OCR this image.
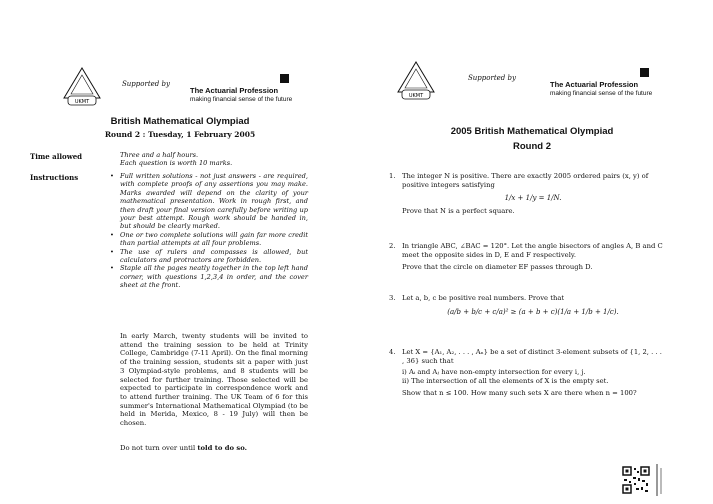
UKMT
Supported by
The Actuarial Profession
making financial sense of the future
British Mathematical Olympiad
Round 2 : Tuesday, 1 February 2005
Time allowed	Three and a half hours.
Each question is worth 10 marks.
Instructions
•	Full written solutions - not just answers - are required, with complete proofs of any assertions you may make. Marks awarded will depend on the clarity of your mathematical presentation. Work in rough first, and then draft your final version carefully before writing up your best attempt. Rough work should be handed in, but should be clearly marked.
• One or two complete solutions will gain far more credit than partial attempts at all four problems.
• The use of rulers and compasses is allowed, but calculators and protractors are forbidden.
• Staple all the pages neatly together in the top left hand corner, with questions 1,2,3,4 in order, and the cover sheet at the front.
In early March, twenty students will be invited to attend the training session to be held at Trinity College, Cambridge (7-11 April). On the final morning of the training session, students sit a paper with just 3 Olympiad-style problems, and 8 students will be selected for further training. Those selected will be expected to participate in correspondence work and to attend further training. The UK Team of 6 for this summer's International Mathematical Olympiad (to be held in Merida, Mexico, 8 - 19 July) will then be chosen.
Do not turn over until told to do so.
UKMT
Supported by
The Actuarial Profession
making financial sense of the future
2005 British Mathematical Olympiad
Round 2
1. The integer N is positive. There are exactly 2005 ordered pairs (x, y) of positive integers satisfying
1/x + 1/y = 1/N.
Prove that N is a perfect square.
2. In triangle ABC, ∠BAC = 120°. Let the angle bisectors of angles A, B and C meet the opposite sides in D, E and F respectively.
Prove that the circle on diameter EF passes through D.
3. Let a, b, c be positive real numbers. Prove that
(a/b + b/c + c/a)² ≥ (a + b + c)(1/a + 1/b + 1/c).
4. Let X = {A₁, A₂, . . . , Aₙ} be a set of distinct 3-element subsets of {1, 2, . . . , 36} such that
i) Aᵢ and Aⱼ have non-empty intersection for every i, j.
ii) The intersection of all the elements of X is the empty set.
Show that n ≤ 100. How many such sets X are there when n = 100?
